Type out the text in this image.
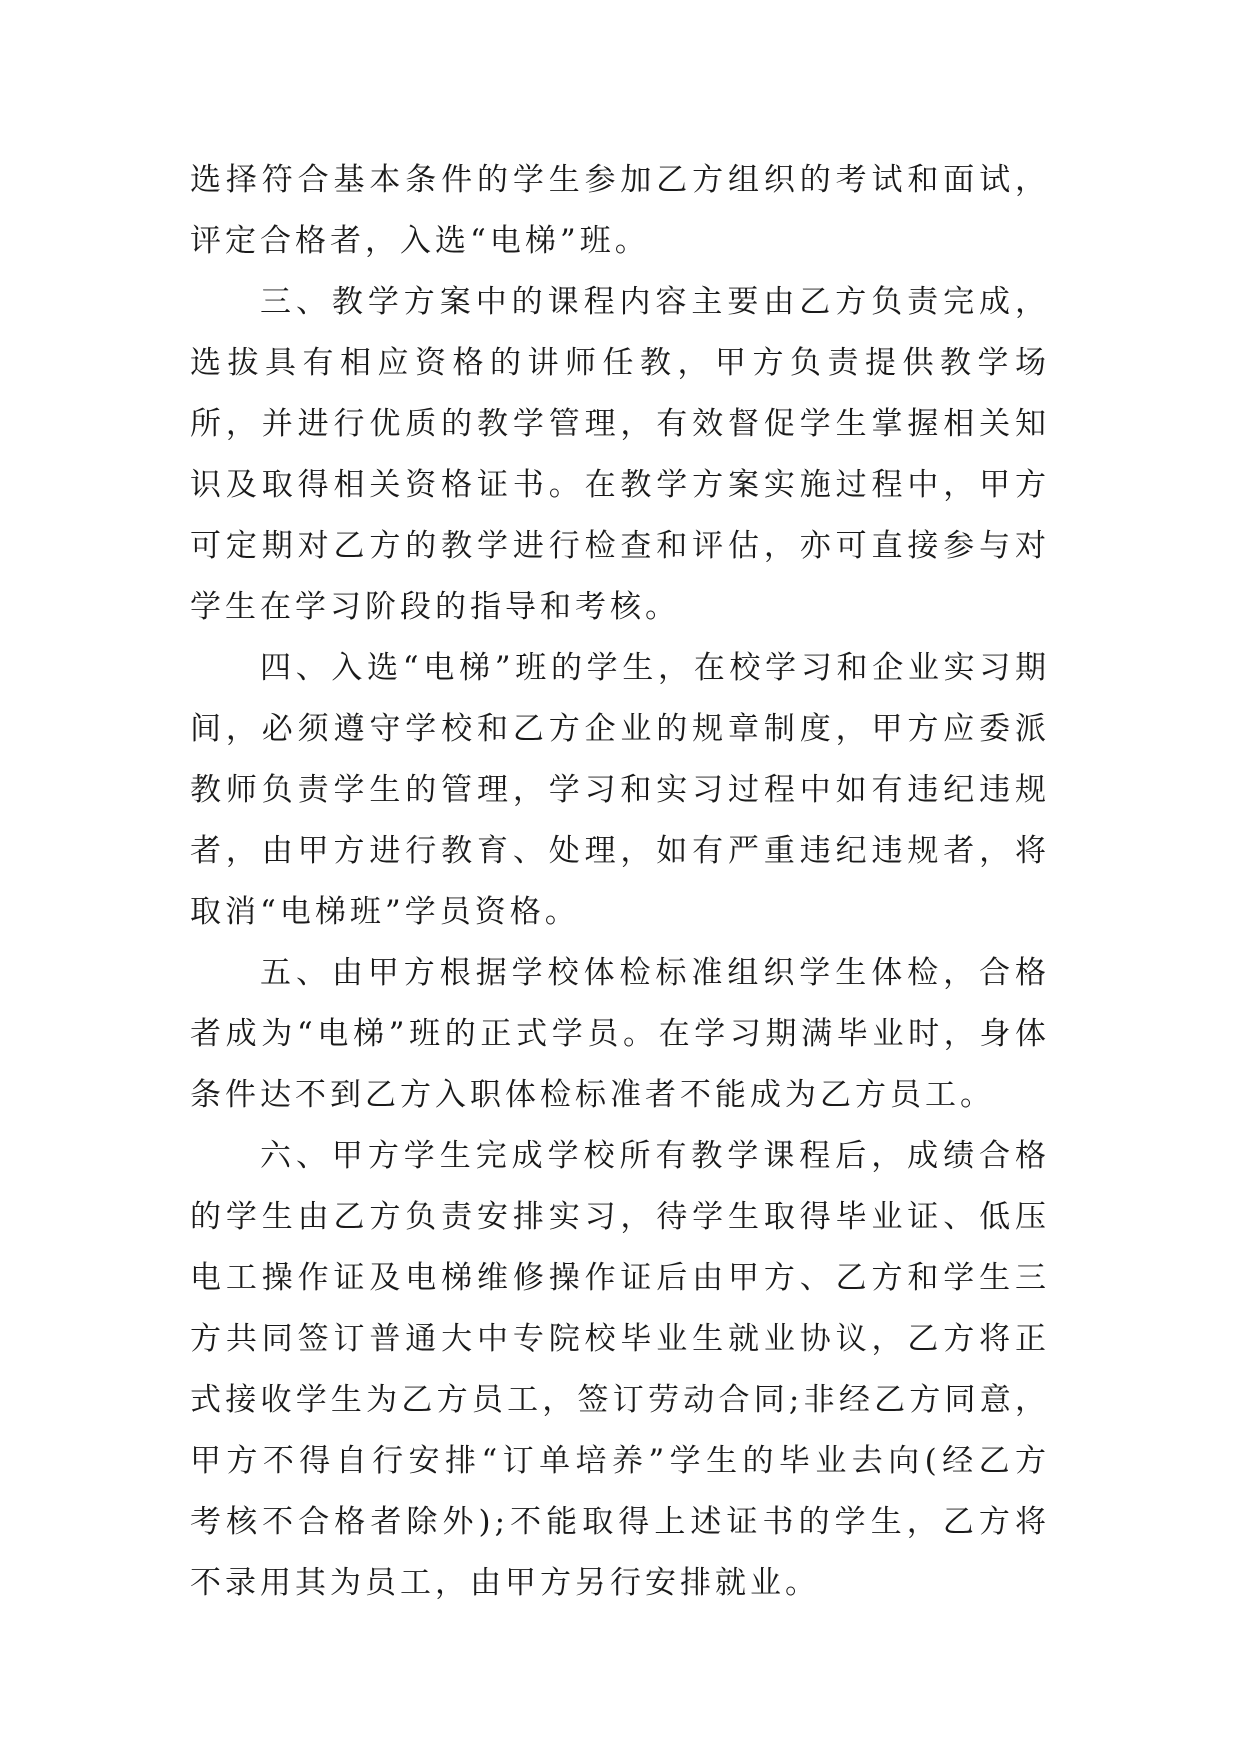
选择符合基本条件的学生参加乙方组织的考试和面试，评定合格者，入选“电梯”班。

三、教学方案中的课程内容主要由乙方负责完成，选拔具有相应资格的讲师任教，甲方负责提供教学场所，并进行优质的教学管理，有效督促学生掌握相关知识及取得相关资格证书。在教学方案实施过程中，甲方可定期对乙方的教学进行检查和评估，亦可直接参与对学生在学习阶段的指导和考核。

四、入选“电梯”班的学生，在校学习和企业实习期间，必须遵守学校和乙方企业的规章制度，甲方应委派教师负责学生的管理，学习和实习过程中如有违纪违规者，由甲方进行教育、处理，如有严重违纪违规者，将取消“电梯班”学员资格。

五、由甲方根据学校体检标准组织学生体检，合格者成为“电梯”班的正式学员。在学习期满毕业时，身体条件达不到乙方入职体检标准者不能成为乙方员工。

六、甲方学生完成学校所有教学课程后，成绩合格的学生由乙方负责安排实习，待学生取得毕业证、低压电工操作证及电梯维修操作证后由甲方、乙方和学生三方共同签订普通大中专院校毕业生就业协议，乙方将正式接收学生为乙方员工，签订劳动合同;非经乙方同意，甲方不得自行安排“订单培养”学生的毕业去向(经乙方考核不合格者除外);不能取得上述证书的学生，乙方将不录用其为员工，由甲方另行安排就业。
